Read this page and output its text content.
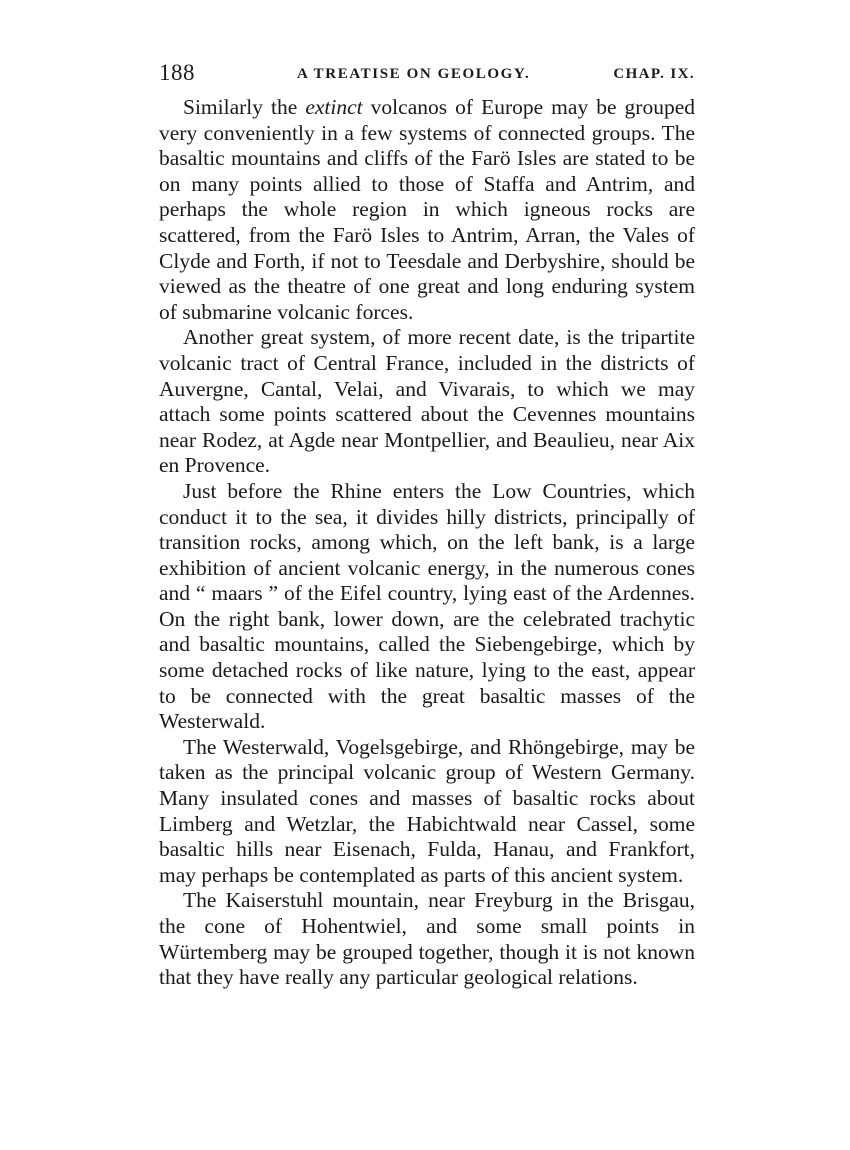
188	A TREATISE ON GEOLOGY.	CHAP. IX.

Similarly the extinct volcanos of Europe may be grouped very conveniently in a few systems of connected groups. The basaltic mountains and cliffs of the Farö Isles are stated to be on many points allied to those of Staffa and Antrim, and perhaps the whole region in which igneous rocks are scattered, from the Farö Isles to Antrim, Arran, the Vales of Clyde and Forth, if not to Teesdale and Derbyshire, should be viewed as the theatre of one great and long enduring system of submarine volcanic forces.

Another great system, of more recent date, is the tripartite volcanic tract of Central France, included in the districts of Auvergne, Cantal, Velai, and Vivarais, to which we may attach some points scattered about the Cevennes mountains near Rodez, at Agde near Montpellier, and Beaulieu, near Aix en Provence.

Just before the Rhine enters the Low Countries, which conduct it to the sea, it divides hilly districts, principally of transition rocks, among which, on the left bank, is a large exhibition of ancient volcanic energy, in the numerous cones and “ maars ” of the Eifel country, lying east of the Ardennes. On the right bank, lower down, are the celebrated trachytic and basaltic mountains, called the Siebengebirge, which by some detached rocks of like nature, lying to the east, appear to be connected with the great basaltic masses of the Westerwald.

The Westerwald, Vogelsgebirge, and Rhöngebirge, may be taken as the principal volcanic group of Western Germany. Many insulated cones and masses of basaltic rocks about Limberg and Wetzlar, the Habichtwald near Cassel, some basaltic hills near Eisenach, Fulda, Hanau, and Frankfort, may perhaps be contemplated as parts of this ancient system.

The Kaiserstuhl mountain, near Freyburg in the Brisgau, the cone of Hohentwiel, and some small points in Würtemberg may be grouped together, though it is not known that they have really any particular geological relations.
